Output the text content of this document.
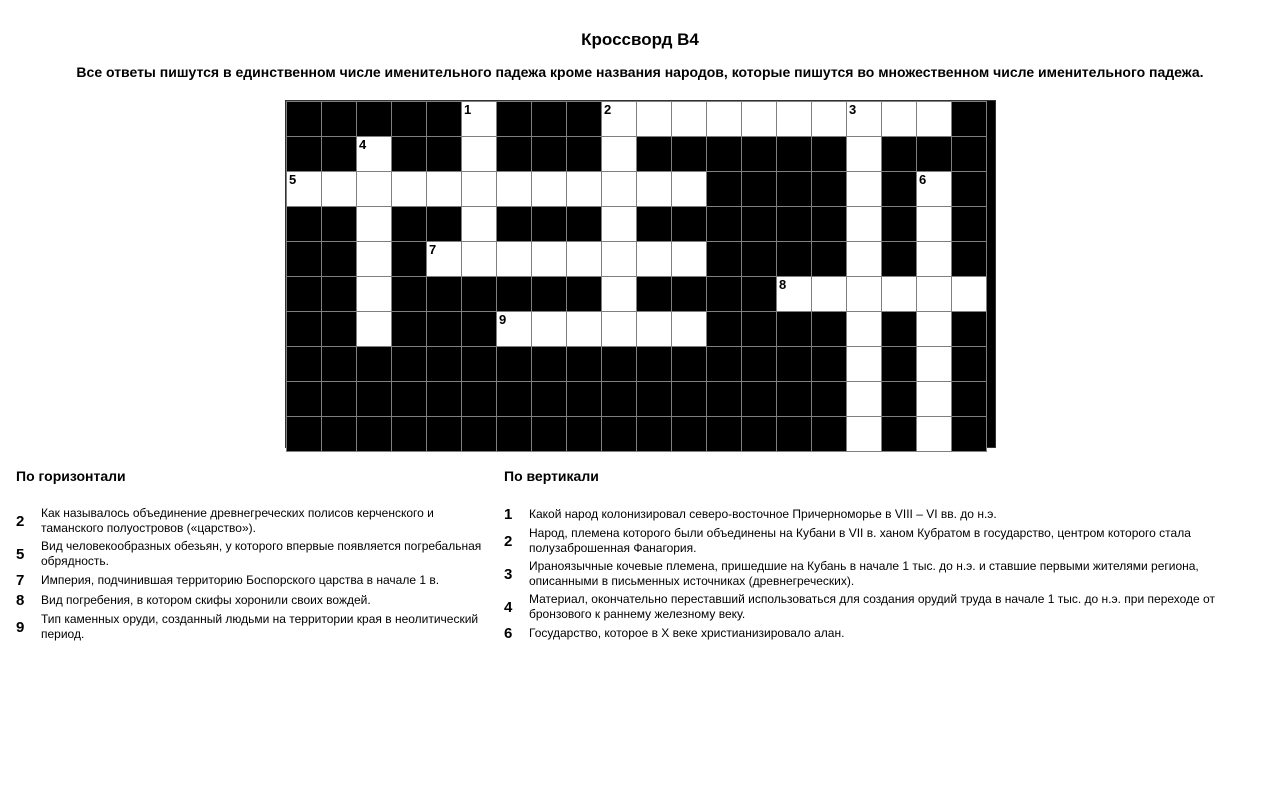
Кроссворд B4
Все ответы пишутся в единственном числе именительного падежа кроме названия народов, которые пишутся во множественном числе именительного падежа.

					1				2							3			

		4																	

5																		6	

				7															

														8					

						9													

По горизонтали
2	Как называлось объединение древнегреческих полисов керченского и таманского полуостровов («царство»).
5	Вид человекообразных обезьян, у которого впервые появляется погребальная обрядность.
7	Империя, подчинившая территорию Боспорского царства в начале 1 в.
8	Вид погребения, в котором скифы хоронили своих вождей.
9	Тип каменных оруди, созданный людьми на территории края в неолитический период.
По вертикали
1	Какой народ колонизировал северо-восточное Причерноморье в VIII – VI вв. до н.э.
2	Народ, племена которого были объединены на Кубани в VII в. ханом Кубратом в государство, центром которого стала полузаброшенная Фанагория.
3	Ираноязычные кочевые племена, пришедшие на Кубань в начале 1 тыс. до н.э. и ставшие первыми жителями региона, описанными в письменных источниках (древнегреческих).
4	Материал, окончательно переставший использоваться для создания орудий труда в начале 1 тыс. до н.э. при переходе от бронзового к раннему железному веку.
6	Государство, которое в X веке христианизировало алан.
